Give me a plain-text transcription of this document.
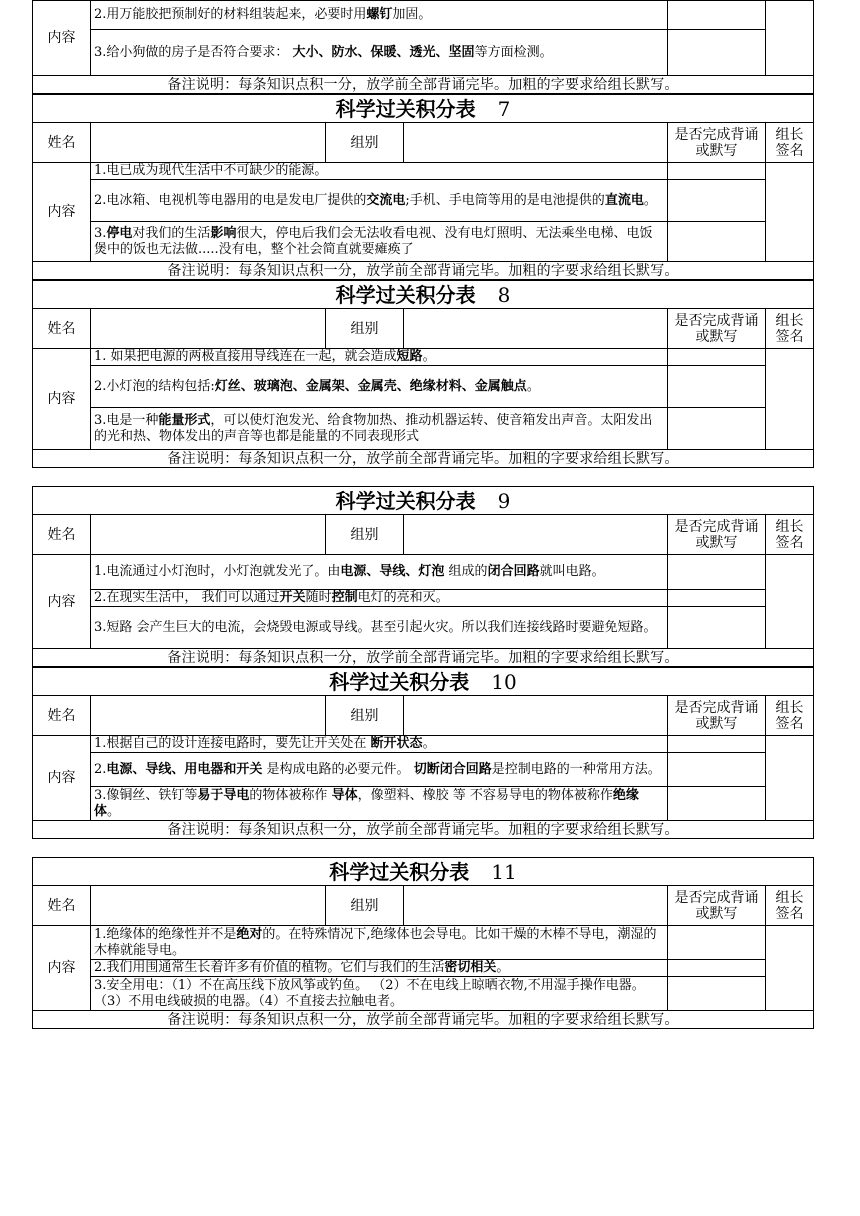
内容	2.用万能胶把预制好的材料组装起来，必要时用螺钉加固。		
	3.给小狗做的房子是否符合要求： 大小、防水、保暖、透光、坚固等方面检测。		
备注说明：每条知识点积一分，放学前全部背诵完毕。加粗的字要求给组长默写。			
科学过关积分表 7					
姓名		组别		是否完成背诵或默写	组长签名
内容	1.电已成为现代生活中不可缺少的能源。				
	2.电冰箱、电视机等电器用的电是发电厂提供的交流电;手机、手电筒等用的是电池提供的直流电。				
	3.停电对我们的生活影响很大，停电后我们会无法收看电视、没有电灯照明、无法乘坐电梯、电饭煲中的饭也无法做.....没有电，整个社会简直就要瘫痪了				
备注说明：每条知识点积一分，放学前全部背诵完毕。加粗的字要求给组长默写。					
科学过关积分表 8					
姓名		组别		是否完成背诵或默写	组长签名
内容	1. 如果把电源的两极直接用导线连在一起，就会造成短路。				
	2.小灯泡的结构包括:灯丝、玻璃泡、金属架、金属壳、绝缘材料、金属触点。				
	3.电是一种能量形式，可以使灯泡发光、给食物加热、推动机器运转、使音箱发出声音。太阳发出的光和热、物体发出的声音等也都是能量的不同表现形式				
备注说明：每条知识点积一分，放学前全部背诵完毕。加粗的字要求给组长默写。					
科学过关积分表 9					
姓名		组别		是否完成背诵或默写	组长签名
内容	1.电流通过小灯泡时，小灯泡就发光了。由电源、导线、灯泡 组成的闭合回路就叫电路。				
	2.在现实生活中， 我们可以通过开关随时控制电灯的亮和灭。				
	3.短路 会产生巨大的电流，会烧毁电源或导线。甚至引起火灾。所以我们连接线路时要避免短路。				
备注说明：每条知识点积一分，放学前全部背诵完毕。加粗的字要求给组长默写。					
科学过关积分表 10					
姓名		组别		是否完成背诵或默写	组长签名
内容	1.根据自己的设计连接电路时，要先让开关处在 断开状态。				
	2.电源、导线、用电器和开关 是构成电路的必要元件。 切断闭合回路是控制电路的一种常用方法。				
	3.像铜丝、铁钉等易于导电的物体被称作 导体，像塑料、橡胶 等 不容易导电的物体被称作绝缘体。				
备注说明：每条知识点积一分，放学前全部背诵完毕。加粗的字要求给组长默写。					
科学过关积分表 11					
姓名		组别		是否完成背诵或默写	组长签名
内容	1.绝缘体的绝缘性并不是绝对的。在特殊情况下,绝缘体也会导电。比如干燥的木棒不导电，潮湿的木棒就能导电。				
	2.我们用围通常生长着许多有价值的植物。它们与我们的生活密切相关。				
	3.安全用电：（1）不在高压线下放风筝或钓鱼。 （2）不在电线上晾晒衣物,不用湿手操作电器。（3）不用电线破损的电器。（4）不直接去拉触电者。				
备注说明：每条知识点积一分，放学前全部背诵完毕。加粗的字要求给组长默写。					
